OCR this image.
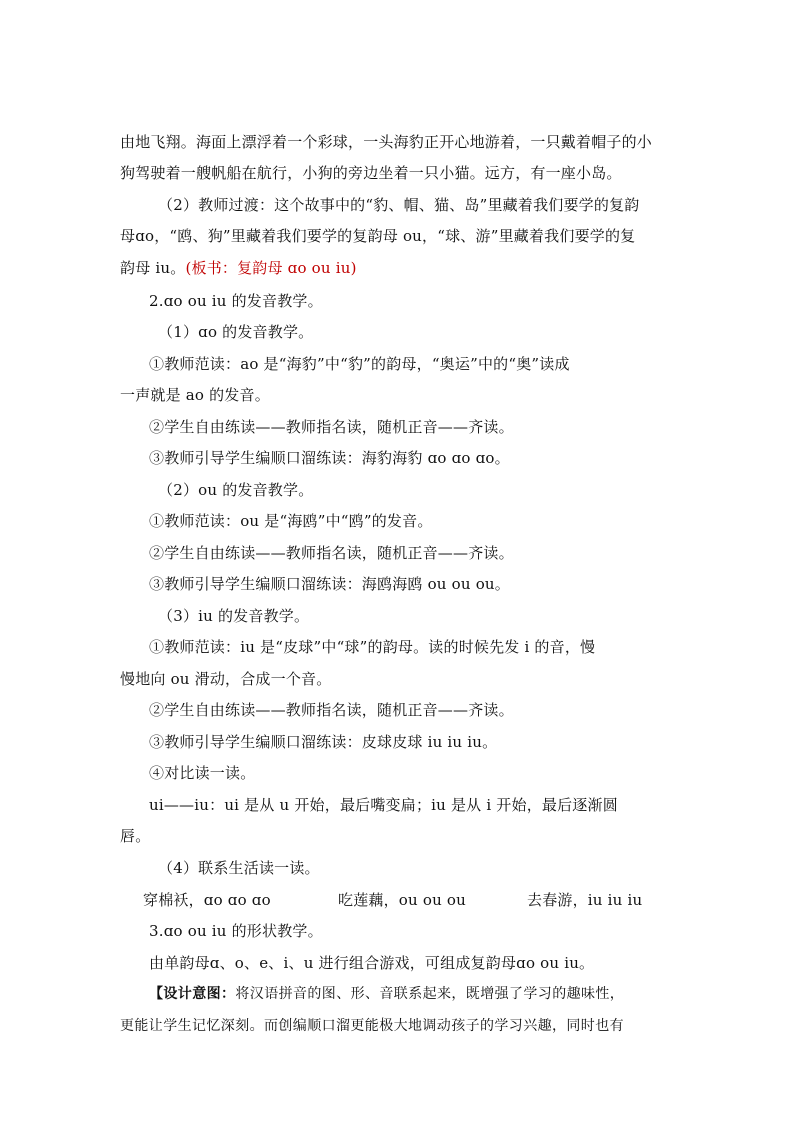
由地飞翔。海面上漂浮着一个彩球，一头海豹正开心地游着，一只戴着帽子的小
狗驾驶着一艘帆船在航行，小狗的旁边坐着一只小猫。远方，有一座小岛。
（2）教师过渡：这个故事中的“豹、帽、猫、岛”里藏着我们要学的复韵
母ɑo，“鸥、狗”里藏着我们要学的复韵母 ou，“球、游”里藏着我们要学的复
韵母 iu。(板书：复韵母 ɑo ou iu)
2.ɑo ou iu 的发音教学。
（1）ɑo 的发音教学。
①教师范读：ao 是“海豹”中“豹”的韵母，“奥运”中的“奥”读成
一声就是 ao 的发音。
②学生自由练读——教师指名读，随机正音——齐读。
③教师引导学生编顺口溜练读：海豹海豹 ɑo ɑo ɑo。
（2）ou 的发音教学。
①教师范读：ou 是“海鸥”中“鸥”的发音。
②学生自由练读——教师指名读，随机正音——齐读。
③教师引导学生编顺口溜练读：海鸥海鸥 ou ou ou。
（3）iu 的发音教学。
①教师范读：iu 是“皮球”中“球”的韵母。读的时候先发 i 的音，慢
慢地向 ou 滑动，合成一个音。
②学生自由练读——教师指名读，随机正音——齐读。
③教师引导学生编顺口溜练读：皮球皮球 iu iu iu。
④对比读一读。
ui——iu：ui 是从 u 开始，最后嘴变扁；iu 是从 i 开始，最后逐渐圆
唇。
（4）联系生活读一读。
穿棉袄，ɑo ɑo ɑo	吃莲藕，ou ou ou	去春游，iu iu iu
3.ɑo ou iu 的形状教学。
由单韵母ɑ、o、e、i、u 进行组合游戏，可组成复韵母ɑo ou iu。
【设计意图：将汉语拼音的图、形、音联系起来，既增强了学习的趣味性，
更能让学生记忆深刻。而创编顺口溜更能极大地调动孩子的学习兴趣，同时也有
